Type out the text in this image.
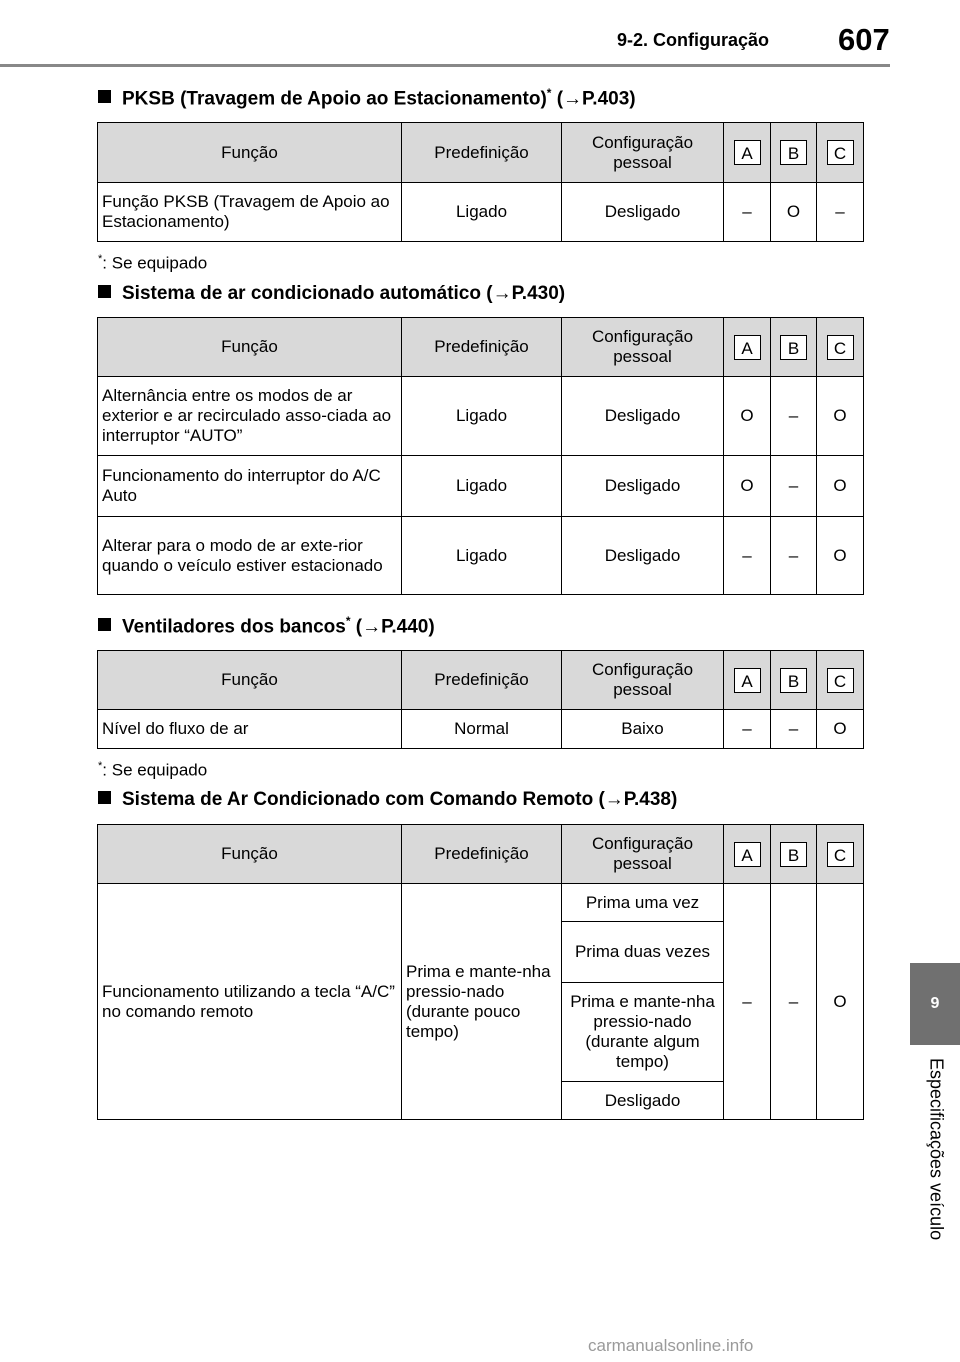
9-2. Configuração 607
9
Especificações veículo
PKSB (Travagem de Apoio ao Estacionamento)* (→P.403)
Função	Predefinição	Configuração pessoal	A	B	C
Função PKSB (Travagem de Apoio ao Estacionamento)	Ligado	Desligado	–	O	–
*: Se equipado
Sistema de ar condicionado automático (→P.430)
Função	Predefinição	Configuração pessoal	A	B	C
Alternância entre os modos de ar exterior e ar recirculado asso-ciada ao interruptor “AUTO”	Ligado	Desligado	O	–	O
Funcionamento do interruptor do A/C Auto	Ligado	Desligado	O	–	O
Alterar para o modo de ar exte-rior quando o veículo estiver estacionado	Ligado	Desligado	–	–	O
Ventiladores dos bancos* (→P.440)
Função	Predefinição	Configuração pessoal	A	B	C
Nível do fluxo de ar	Normal	Baixo	–	–	O
*: Se equipado
Sistema de Ar Condicionado com Comando Remoto (→P.438)
Função	Predefinição	Configuração pessoal	A	B	C
Funcionamento utilizando a tecla “A/C” no comando remoto	Prima e mante-nha pressio-nado (durante pouco tempo)	Prima uma vez	–	–	O
		Prima duas vezes			
		Prima e mante-nha pressio-nado (durante algum tempo)			
		Desligado			
carmanualsonline.info
